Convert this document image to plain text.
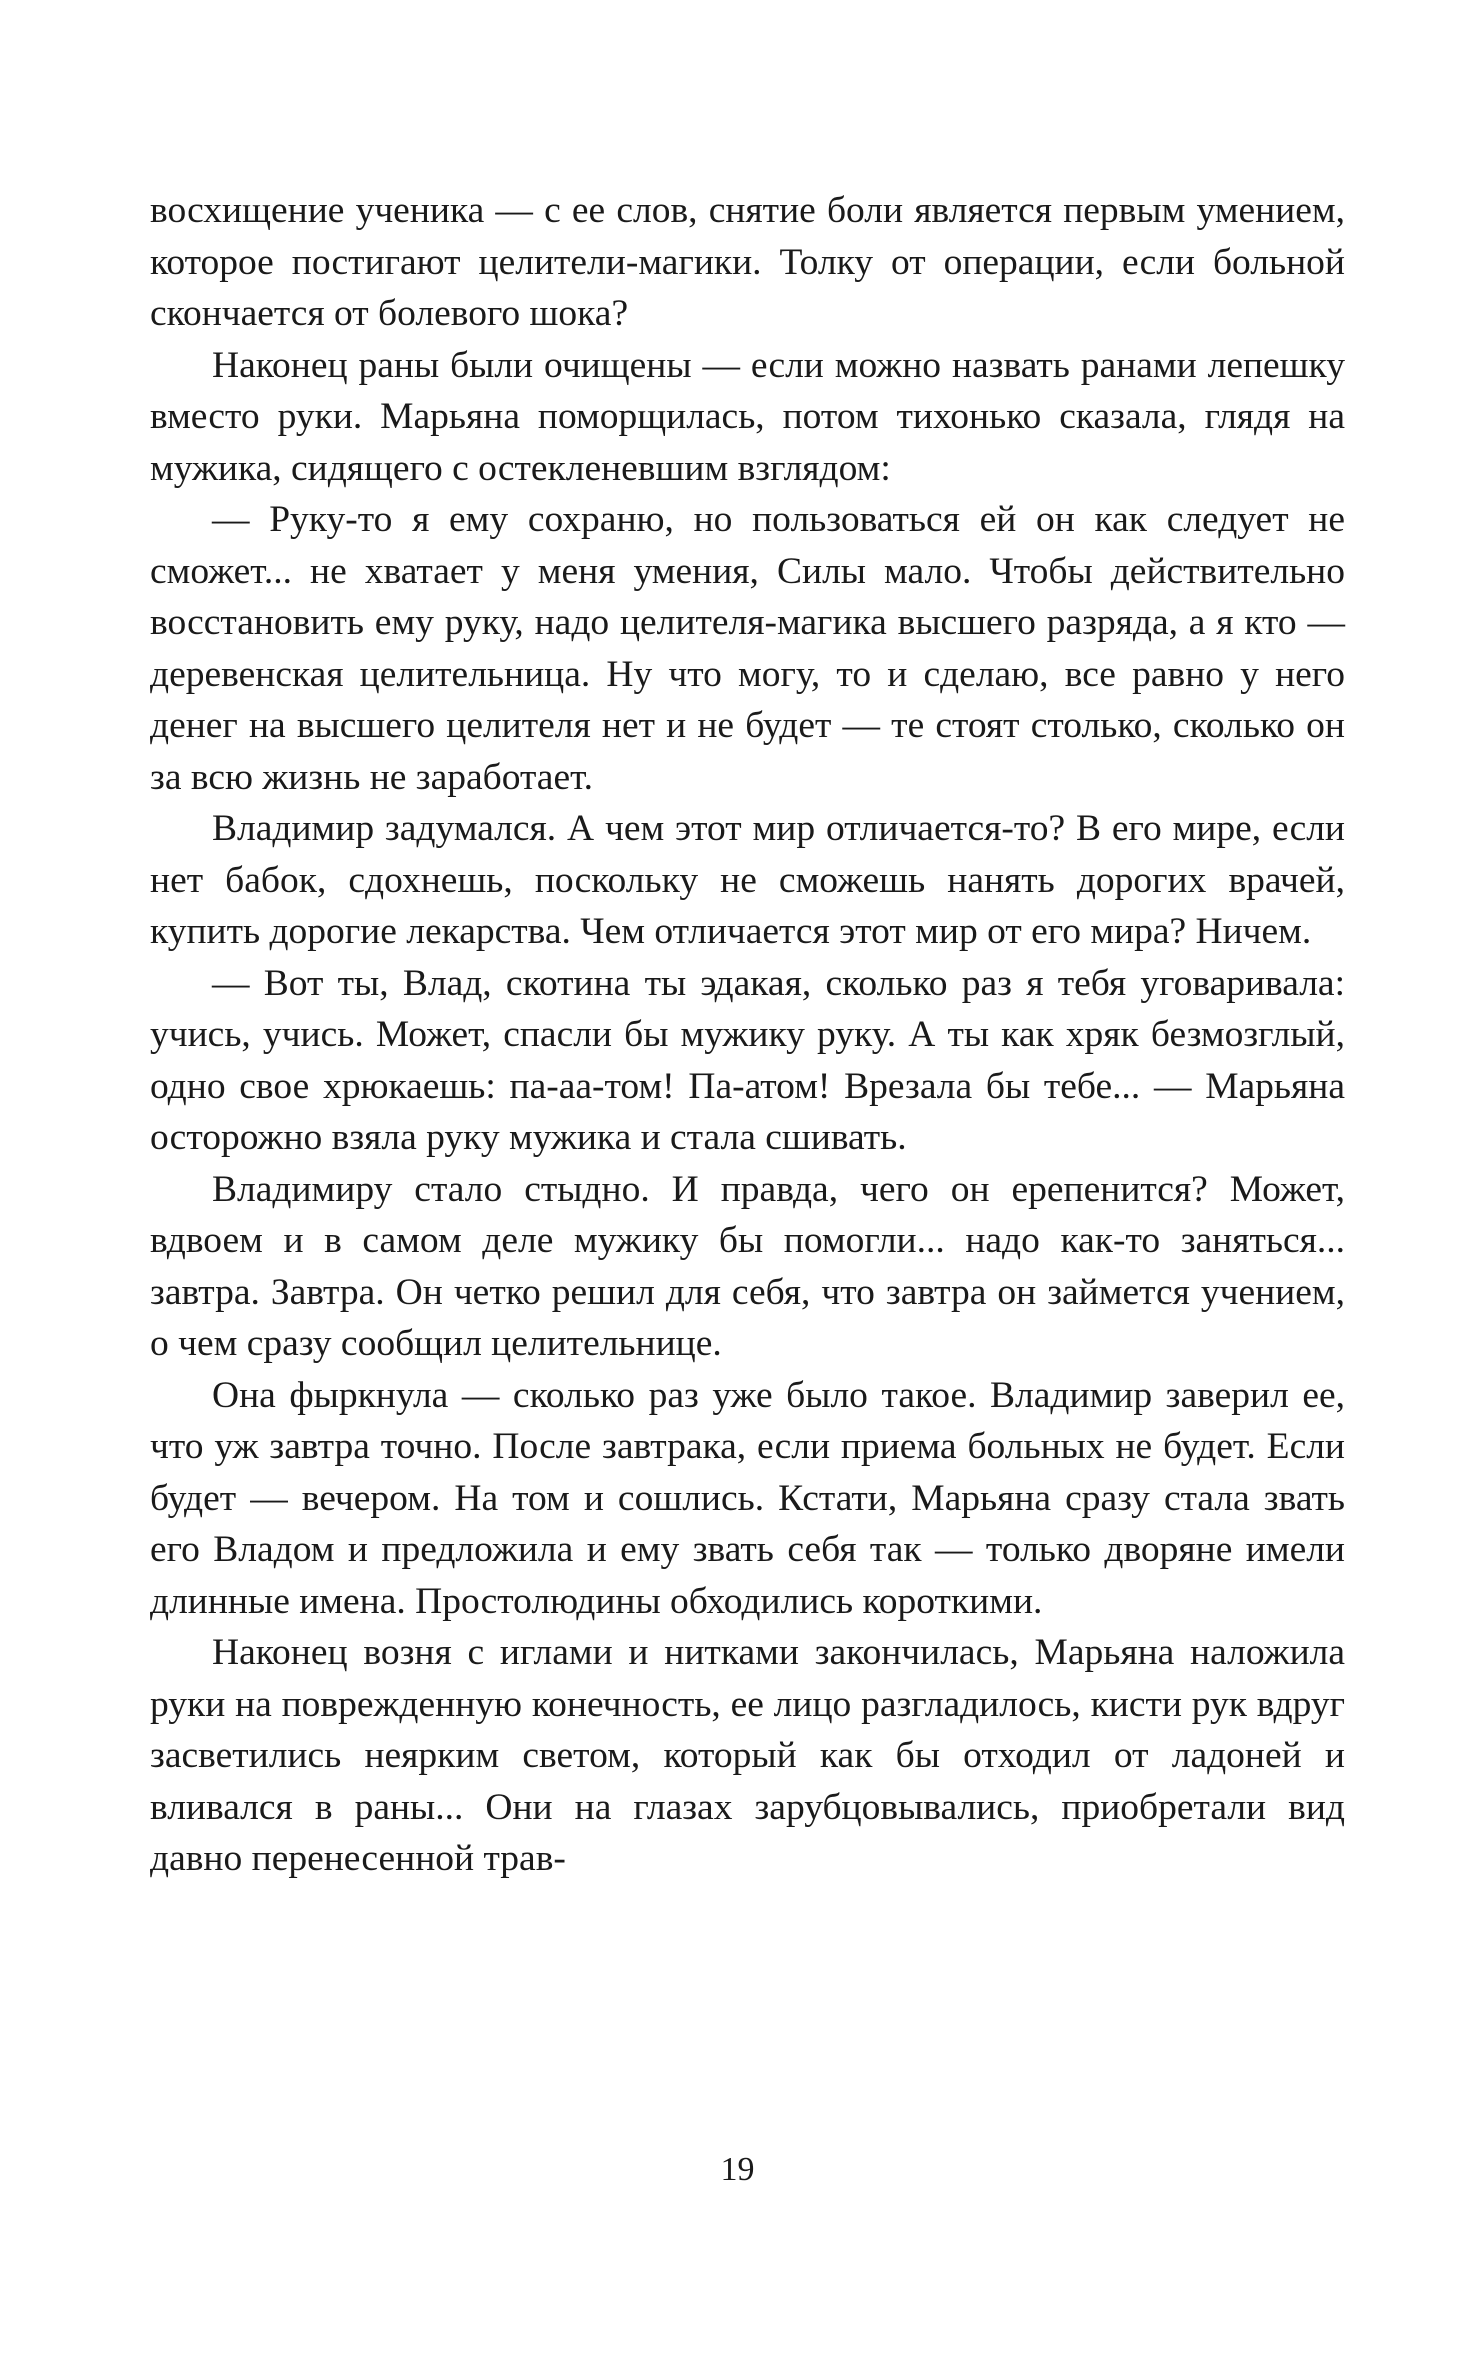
восхищение ученика — с ее слов, снятие боли является первым умением, которое постигают целители-магики. Толку от операции, если больной скончается от болевого шока?

Наконец раны были очищены — если можно назвать ранами лепешку вместо руки. Марьяна поморщилась, потом тихонько сказала, глядя на мужика, сидящего с остекленевшим взглядом:

— Руку-то я ему сохраню, но пользоваться ей он как следует не сможет... не хватает у меня умения, Силы мало. Чтобы действительно восстановить ему руку, надо целителя-магика высшего разряда, а я кто — деревенская целительница. Ну что могу, то и сделаю, все равно у него денег на высшего целителя нет и не будет — те стоят столько, сколько он за всю жизнь не заработает.

Владимир задумался. А чем этот мир отличается-то? В его мире, если нет бабок, сдохнешь, поскольку не сможешь нанять дорогих врачей, купить дорогие лекарства. Чем отличается этот мир от его мира? Ничем.

— Вот ты, Влад, скотина ты эдакая, сколько раз я тебя уговаривала: учись, учись. Может, спасли бы мужику руку. А ты как хряк безмозглый, одно свое хрюкаешь: па-аа-том! Па-атом! Врезала бы тебе... — Марьяна осторожно взяла руку мужика и стала сшивать.

Владимиру стало стыдно. И правда, чего он ерепенится? Может, вдвоем и в самом деле мужику бы помогли... надо как-то заняться... завтра. Завтра. Он четко решил для себя, что завтра он займется учением, о чем сразу сообщил целительнице.

Она фыркнула — сколько раз уже было такое. Владимир заверил ее, что уж завтра точно. После завтрака, если приема больных не будет. Если будет — вечером. На том и сошлись. Кстати, Марьяна сразу стала звать его Владом и предложила и ему звать себя так — только дворяне имели длинные имена. Простолюдины обходились короткими.

Наконец возня с иглами и нитками закончилась, Марьяна наложила руки на поврежденную конечность, ее лицо разгладилось, кисти рук вдруг засветились неярким светом, который как бы отходил от ладоней и вливался в раны... Они на глазах зарубцовывались, приобретали вид давно перенесенной трав-

19
